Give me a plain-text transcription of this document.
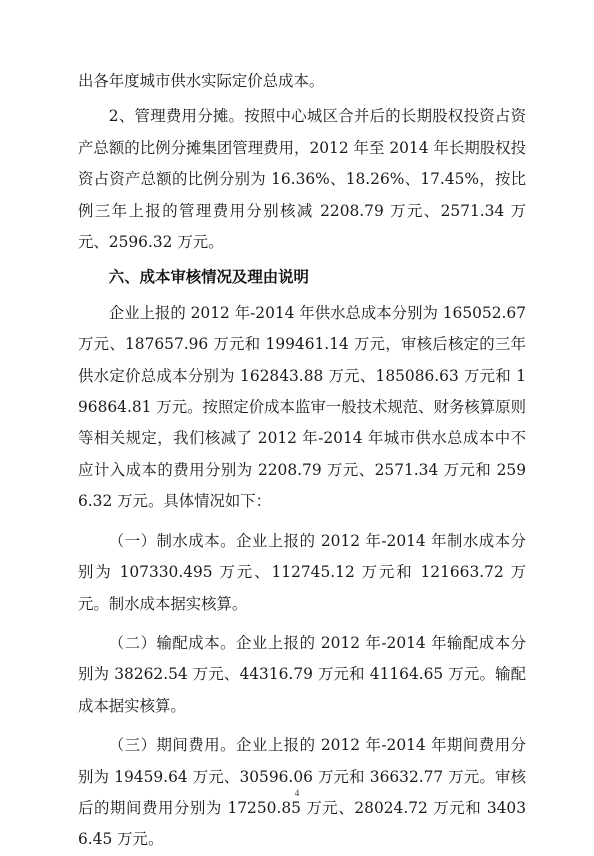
出各年度城市供水实际定价总成本。

2、管理费用分摊。按照中心城区合并后的长期股权投资占资产总额的比例分摊集团管理费用，2012 年至 2014 年长期股权投资占资产总额的比例分别为 16.36%、18.26%、17.45%，按比例三年上报的管理费用分别核减 2208.79 万元、2571.34 万元、2596.32 万元。

六、成本审核情况及理由说明

企业上报的 2012 年-2014 年供水总成本分别为 165052.67 万元、187657.96 万元和 199461.14 万元，审核后核定的三年供水定价总成本分别为 162843.88 万元、185086.63 万元和 196864.81 万元。按照定价成本监审一般技术规范、财务核算原则等相关规定，我们核减了 2012 年-2014 年城市供水总成本中不应计入成本的费用分别为 2208.79 万元、2571.34 万元和 2596.32 万元。具体情况如下：

（一）制水成本。企业上报的 2012 年-2014 年制水成本分别为 107330.495 万元、112745.12 万元和 121663.72 万元。制水成本据实核算。

（二）输配成本。企业上报的 2012 年-2014 年输配成本分别为 38262.54 万元、44316.79 万元和 41164.65 万元。输配成本据实核算。

（三）期间费用。企业上报的 2012 年-2014 年期间费用分别为 19459.64 万元、30596.06 万元和 36632.77 万元。审核后的期间费用分别为 17250.85 万元、28024.72 万元和 34036.45 万元。

4
